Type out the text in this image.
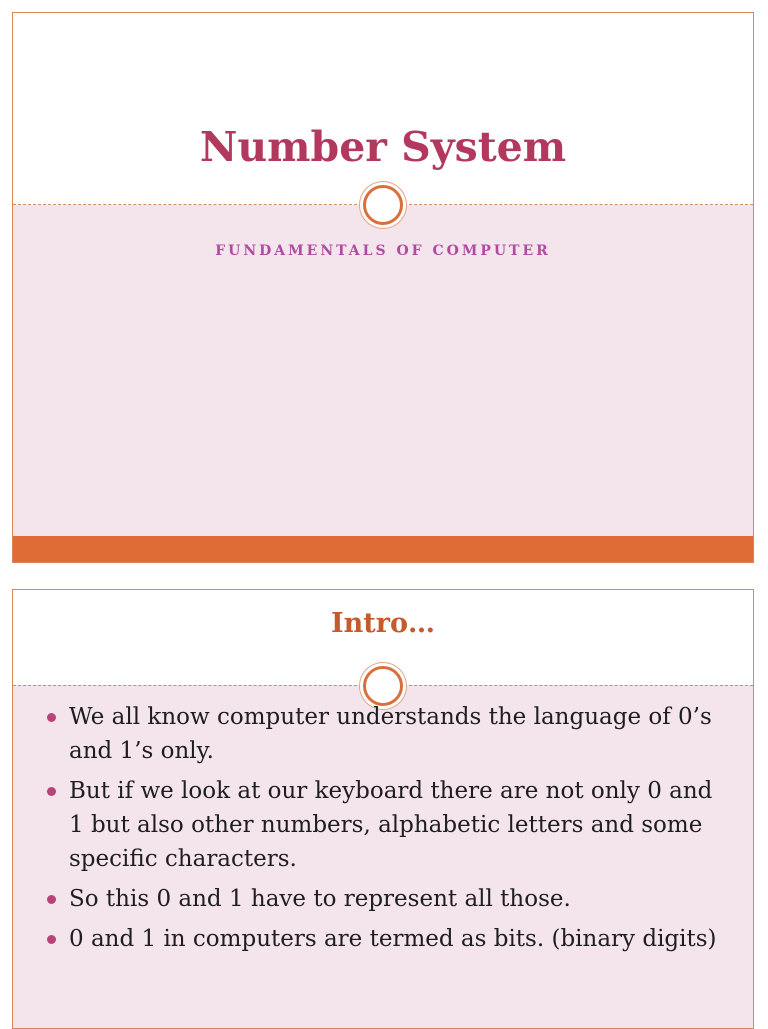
Number System
FUNDAMENTALS OF COMPUTER
Intro…
We all know computer understands the language of 0’s and 1’s only.
But if we look at our keyboard there are not only 0 and 1 but also other numbers, alphabetic letters and some specific characters.
So this 0 and 1 have to represent all those.
0 and 1 in computers are termed as bits. (binary digits)
